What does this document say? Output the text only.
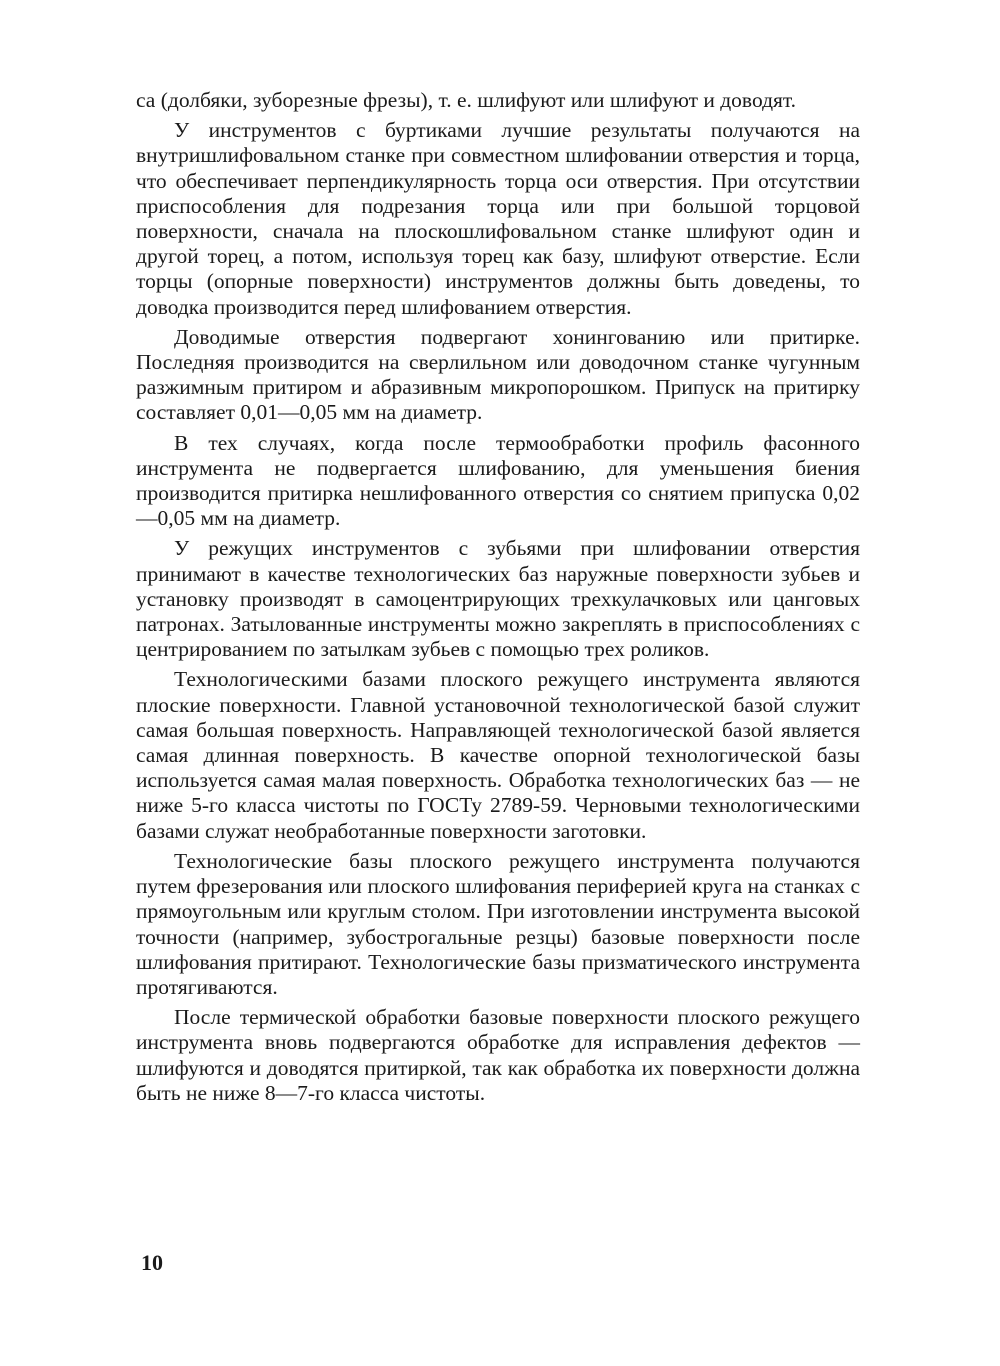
са (долбяки, зуборезные фрезы), т. е. шлифуют или шлифуют и доводят.

У инструментов с буртиками лучшие результаты получаются на внутришлифовальном станке при совместном шлифовании отверстия и торца, что обеспечивает перпендикулярность торца оси отверстия. При отсутствии приспособления для подрезания торца или при большой торцовой поверхности, сначала на плоскошлифовальном станке шлифуют один и другой торец, а потом, используя торец как базу, шлифуют отверстие. Если торцы (опорные поверхности) инструментов должны быть доведены, то доводка производится перед шлифованием отверстия.

Доводимые отверстия подвергают хонингованию или притирке. Последняя производится на сверлильном или доводочном станке чугунным разжимным притиром и абразивным микропорошком. Припуск на притирку составляет 0,01—0,05 мм на диаметр.

В тех случаях, когда после термообработки профиль фасонного инструмента не подвергается шлифованию, для уменьшения биения производится притирка нешлифованного отверстия со снятием припуска 0,02—0,05 мм на диаметр.

У режущих инструментов с зубьями при шлифовании отверстия принимают в качестве технологических баз наружные поверхности зубьев и установку производят в самоцентрирующих трехкулачковых или цанговых патронах. Затылованные инструменты можно закреплять в приспособлениях с центрированием по затылкам зубьев с помощью трех роликов.

Технологическими базами плоского режущего инструмента являются плоские поверхности. Главной установочной технологической базой служит самая большая поверхность. Направляющей технологической базой является самая длинная поверхность. В качестве опорной технологической базы используется самая малая поверхность. Обработка технологических баз — не ниже 5-го класса чистоты по ГОСТу 2789-59. Черновыми технологическими базами служат необработанные поверхности заготовки.

Технологические базы плоского режущего инструмента получаются путем фрезерования или плоского шлифования периферией круга на станках с прямоугольным или круглым столом. При изготовлении инструмента высокой точности (например, зубострогальные резцы) базовые поверхности после шлифования притирают. Технологические базы призматического инструмента протягиваются.

После термической обработки базовые поверхности плоского режущего инструмента вновь подвергаются обработке для исправления дефектов — шлифуются и доводятся притиркой, так как обработка их поверхности должна быть не ниже 8—7-го класса чистоты.

10
